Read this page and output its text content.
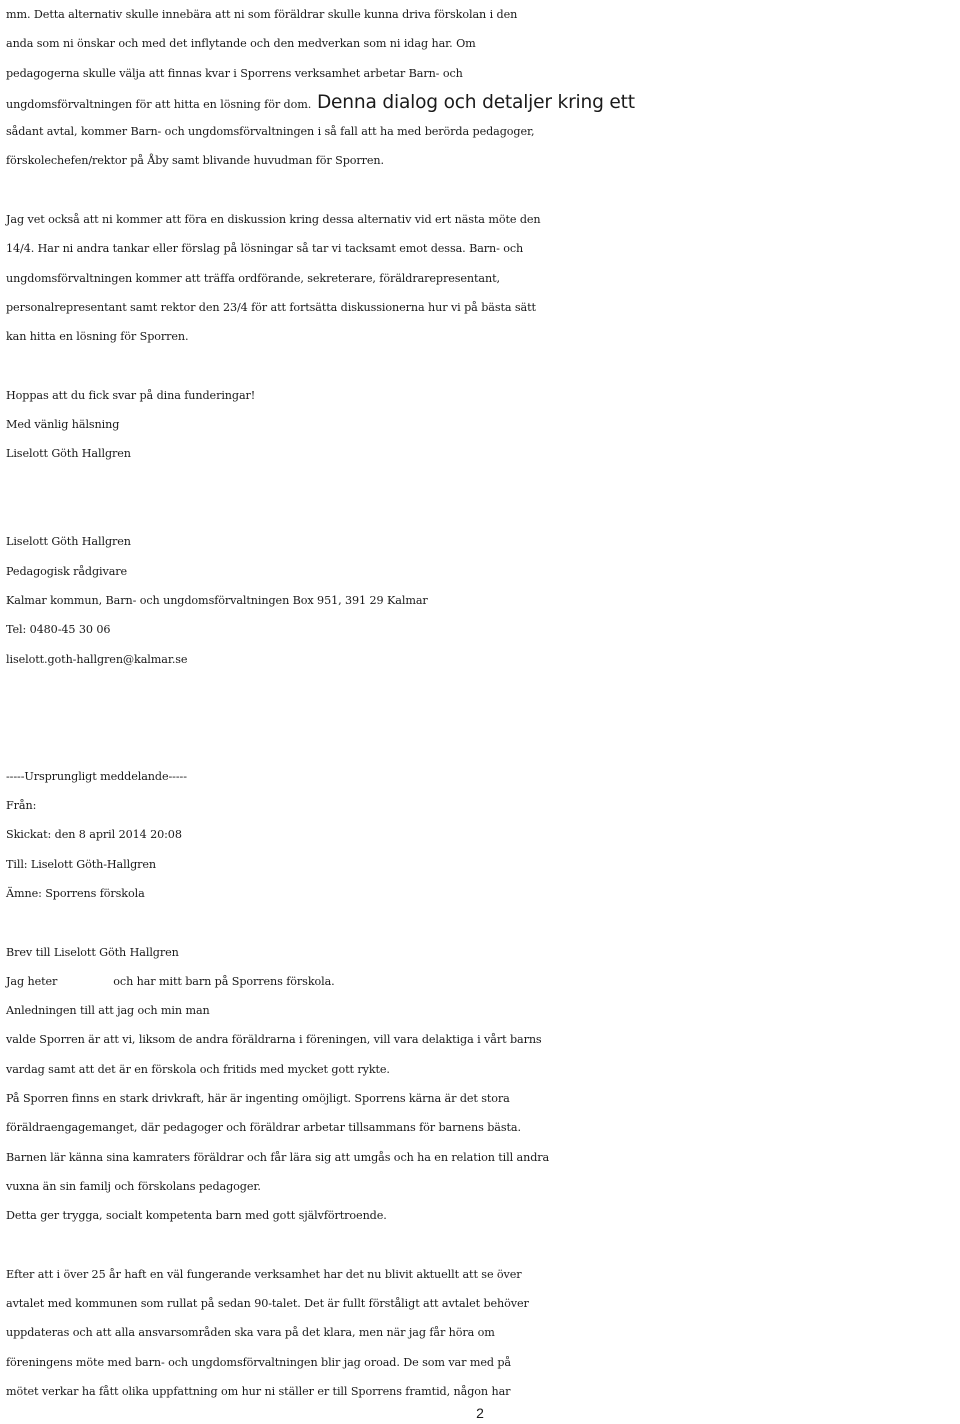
mm. Detta alternativ skulle innebära att ni som föräldrar skulle kunna driva förskolan i den
anda som ni önskar och med det inflytande och den medverkan som ni idag har. Om
pedagogerna skulle välja att finnas kvar i Sporrens verksamhet arbetar Barn- och
ungdomsförvaltningen för att hitta en lösning för dom. Denna dialog och detaljer kring ett
sådant avtal, kommer Barn- och ungdomsförvaltningen i så fall att ha med berörda pedagoger,
förskolechefen/rektor på Åby samt blivande huvudman för Sporren.
Jag vet också att ni kommer att föra en diskussion kring dessa alternativ vid ert nästa möte den
14/4. Har ni andra tankar eller förslag på lösningar så tar vi tacksamt emot dessa. Barn- och
ungdomsförvaltningen kommer att träffa ordförande, sekreterare, föräldrarepresentant,
personalrepresentant samt rektor den 23/4 för att fortsätta diskussionerna hur vi på bästa sätt
kan hitta en lösning för Sporren.
Hoppas att du fick svar på dina funderingar!
Med vänlig hälsning
Liselott Göth Hallgren
Liselott Göth Hallgren
Pedagogisk rådgivare
Kalmar kommun, Barn- och ungdomsförvaltningen Box 951, 391 29 Kalmar
Tel: 0480-45 30 06
liselott.goth-hallgren@kalmar.se
-----Ursprungligt meddelande-----
Från:
Skickat: den 8 april 2014 20:08
Till: Liselott Göth-Hallgren
Ämne: Sporrens förskola
Brev till Liselott Göth Hallgren
Jag heter	och har mitt barn på Sporrens förskola.
Anledningen till att jag och min man
valde Sporren är att vi, liksom de andra föräldrarna i föreningen, vill vara delaktiga i vårt barns
vardag samt att det är en förskola och fritids med mycket gott rykte.
På Sporren finns en stark drivkraft, här är ingenting omöjligt. Sporrens kärna är det stora
föräldraengagemanget, där pedagoger och föräldrar arbetar tillsammans för barnens bästa.
Barnen lär känna sina kamraters föräldrar och får lära sig att umgås och ha en relation till andra
vuxna än sin familj och förskolans pedagoger.
Detta ger trygga, socialt kompetenta barn med gott självförtroende.
Efter att i över 25 år haft en väl fungerande verksamhet har det nu blivit aktuellt att se över
avtalet med kommunen som rullat på sedan 90-talet. Det är fullt förståligt att avtalet behöver
uppdateras och att alla ansvarsområden ska vara på det klara, men när jag får höra om
föreningens möte med barn- och ungdomsförvaltningen blir jag oroad. De som var med på
mötet verkar ha fått olika uppfattning om hur ni ställer er till Sporrens framtid, någon har
2
